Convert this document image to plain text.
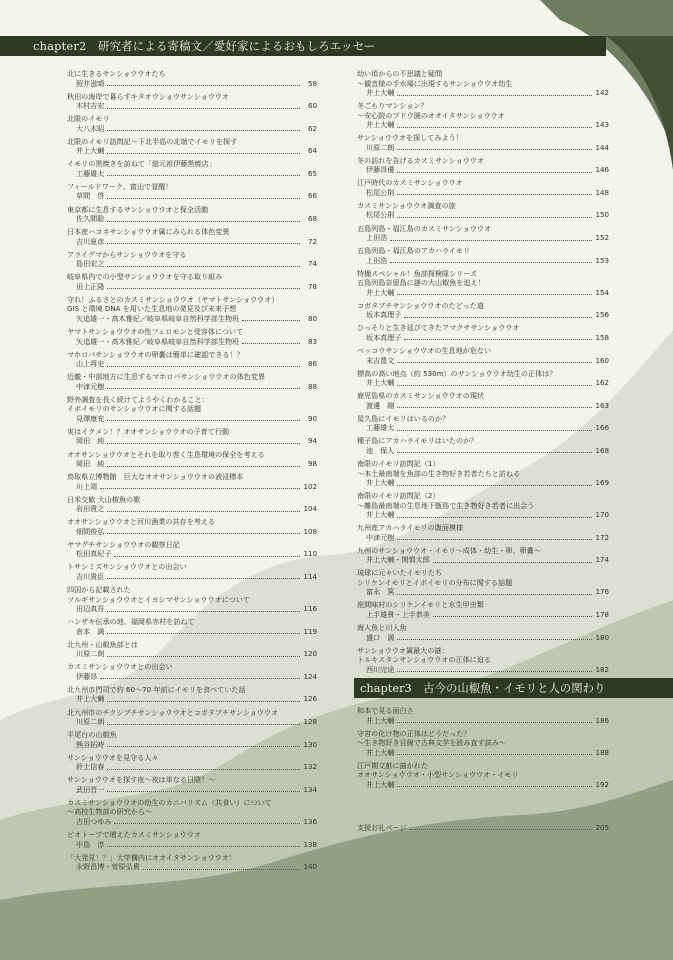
chapter2　研究者による寄稿文／愛好家によるおもしろエッセー
北に生きるサンショウウオたち
照井滋晴	58
秋田の海岸で暮らすキタオウショウサンショウウオ
木村吉宏	60
北限のイモリ
大八木昭	62
北限のイモリ訪問記〜下北半島の北端でイモリを探す
井上大輔	64
イモリの黒焼きを訪ねて「総元祖伊藤黒焼店」
工藤雄太	65
フィールドワーク、富山で覚醒！
草間　啓	66
東京都に生息するサンショウウオと保全活動
佐久間聡	68
日本産ハコネサンショウウオ属にみられる体色変異
吉川夏彦	72
アライグマからサンショウウオを守る
島田宏之	74
岐阜県内での小型サンショウウオを守る取り組み
田上正隆	78
守れ！ふるさとのカスミサンショウウオ（ヤマトサンショウウオ）
GIS と環境 DNA を用いた生息地の発見及び未来予想
矢追雄一・高木雅紀／岐阜県岐阜自然科学部生物班	80
ヤマトサンショウウオの性フェロモンと受容体について
矢追雄一・高木雅紀／岐阜県岐阜自然科学部生物班	83
マホロバサンショウウオの卵嚢は簡単に確認できる！？
山上将史	86
近畿・中部地方に生息するマホロバサンショウウオの体色変異
中津元樹	88
野外調査を長く続けてようやくわかること：
イボイモリのサンショウウオに関する話題
見澤康充	90
実はイクメン！？オオサンショウウオの子育て行動
岡田　純	94
オオサンショウウオとそれを取り巻く生息環境の保全を考える
岡田　純	98
鳥取県立博物館　巨大なオオサンショウウオの液浸標本
川上靖	102
日米交歓 大山椒魚の歌
岩田貴之	104
オオサンショウウオと河川漁業の共存を考える
畑間俊弘	108
ヤマグチサンショウウオの観察日記
松田真紀子	110
トサシミズサンショウウオとの出会い
吉川貴臣	114
四国から記載された
ツルギサンショウウオとイヨシマサンショウウオについて
田辺真吾	116
ハンザキ伝承の地、福岡県赤村を訪ねて
倉本　満	119
北九州・山椒魚部とは
川原二朗	120
カスミサンショウウオとの出会い
伊藤昂	124
北九州市門司で約 60〜70 年前にイモリを食べていた話
井上大輔	126
北九州市のチクシブチサンショウウオとコガタブチサンショウウオ
川原二朗	128
平尾台の山椒魚
熊谷拓時	130
サンショウウオを見守る人々
鈴士信春	132
サンショウウオを探す夜〜夜は単なる日陰？〜
武田晋一	134
カスミサンショウウオの幼生のカニバリズム（共食い）について
〜高校生物部の研究から〜
古田つゆみ	136
ビオトープで増えたカスミサンショウウオ
中島　淳	138
「大発見！？」大学構内にオオイタサンショウウオ！
永野昌博・菅原弘貴	140
幼い頃からの不思議と疑問
〜観音様の手水場に出現するサンショウウオ幼生
井上大輔	142
冬ごもりマンション？
〜安心院のブドウ園のオオイタサンショウウオ
井上大輔	143
サンショウウオを探してみよう！
川原二朗	144
冬の訪れを告げるカスミサンショウウオ
伊藤昂優	146
江戸時代のカスミサンショウウオ
松尾公則	148
カスミサンショウウオ調査の旅
松尾公則	150
五島列島・福江島のカスミサンショウウオ
上田浩	152
五島列島・福江島のアカハライモリ
上田浩	153
特撮スペシャル！魚部探検隊シリーズ
五島列島奈留島に謎の大山椒魚を追え！
井上大輔	154
コガタブチサンショウウオのたどった道
坂本真理子	156
ひっそりと生き延びてきたアマクササンショウウオ
坂本真理子	158
ベッコウサンショウウオの生息地が危ない
末吉豊文	160
標高の高い地点（約 530m）のサンショウウオ幼生の正体は？
井上大輔	162
鹿児島県のカスミサンショウウオの現状
渡邊　剛	163
屋久島にイモリはいるのか？
工藤雄太	166
種子島にアカハライモリはいたのか？
池　保人	168
南限のイモリ訪問記（1）
〜本土最南端を魚部の生き物好き若者たちと訪ねる
井上大輔	169
南限のイモリ訪問記（2）
〜離島最南端の生息地下甑島で生き物好き若者に出会う
井上大輔	170
九州産アカハライモリの腹面模様
中津元樹	172
九州のサンショウウオ・イモリ〜成体・幼生・卵、卵嚢〜
井上大輔・関慎太郎	174
琉球に元々いたイモリたち
シリケンイモリとイボイモリの分布に関する話題
富永　篤	176
座間味村のシリケンイモリと水生甲虫類
上手雄貴・上手恭美	178
海人魚と川人魚
盛口　満	180
サンショウウオ属最大の謎：
トルキスタンサンショウウオの正体に迫る
西川完途	182
chapter3　古今の山椒魚・イモリと人の関わり
和本で見る面白さ
井上大輔	186
守宮の化け物の正体はどうだった？
〜生き物好き目線で古典文学を読み直す試み〜
井上大輔	188
江戸期文献に描かれた
オオサンショウウオ・小型サンショウウオ・イモリ
井上大輔	192
支援お礼ページ	205
